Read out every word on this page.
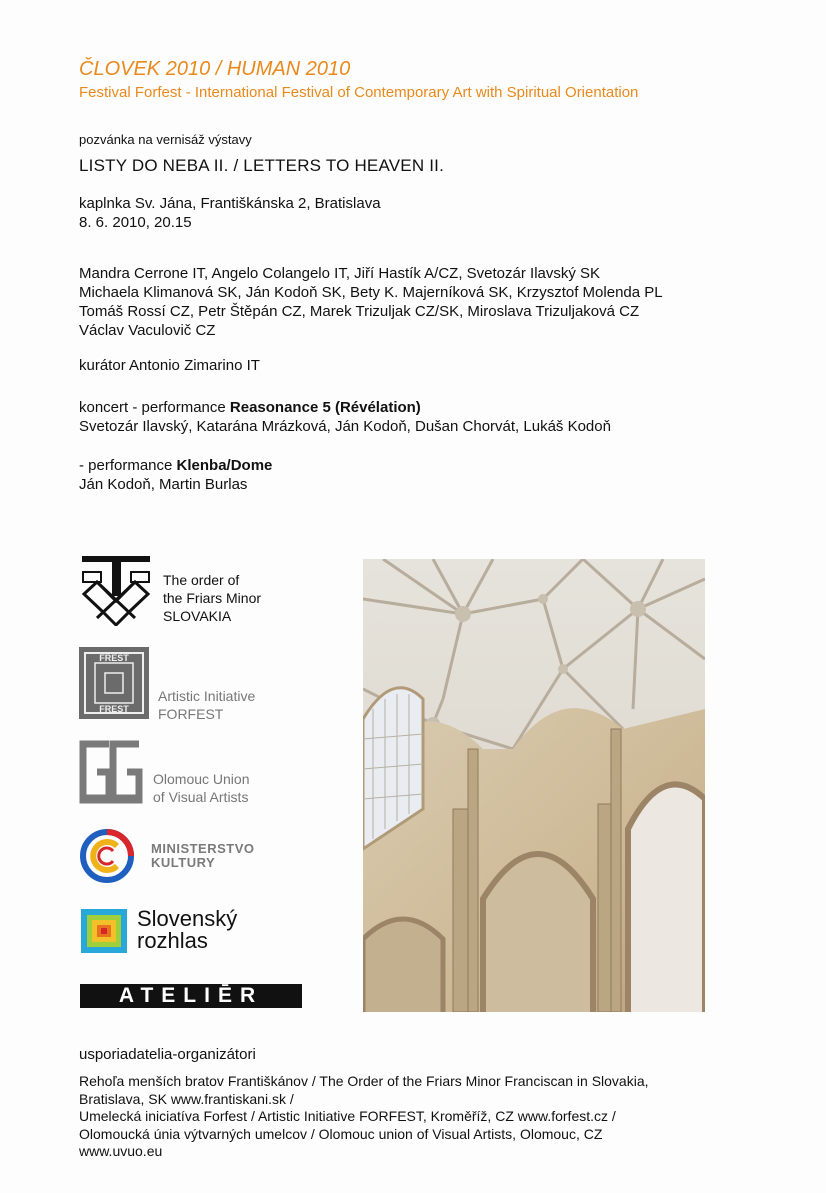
ČLOVEK 2010 / HUMAN 2010
Festival Forfest - International Festival of Contemporary Art with Spiritual Orientation
pozvánka na vernisáž výstavy
LISTY DO NEBA II. / LETTERS TO HEAVEN II.
kaplnka Sv. Jána, Františkánska 2, Bratislava
8. 6. 2010, 20.15
Mandra Cerrone IT, Angelo Colangelo IT, Jiří Hastík A/CZ, Svetozár Ilavský SK
Michaela Klimanová SK, Ján Kodoň SK, Bety K. Majerníková SK, Krzysztof Molenda PL
Tomáš Rossí CZ, Petr Štěpán CZ, Marek Trizuljak CZ/SK, Miroslava Trizuljaková CZ
Václav Vaculovič CZ
kurátor Antonio Zimarino IT
koncert - performance Reasonance 5 (Révélation)
Svetozár Ilavský, Katarána Mrázková, Ján Kodoň, Dušan Chorvát, Lukáš Kodoň
- performance Klenba/Dome
Ján Kodoň, Martin Burlas
The order of
the Friars Minor
SLOVAKIA
FREST
FREST
Artistic Initiative
FORFEST
Olomouc Union
of Visual Artists
MINISTERSTVO
KULTURY
Slovenský
rozhlas
ATELIĒR
usporiadatelia-organizátori
Rehoľa menších bratov Františkánov / The Order of the Friars Minor Franciscan in Slovakia,
Bratislava, SK www.frantiskani.sk /
Umelecká iniciatíva Forfest / Artistic Initiative FORFEST, Kroměříž, CZ www.forfest.cz /
Olomoucká únia výtvarných umelcov / Olomouc union of Visual Artists, Olomouc, CZ
www.uvuo.eu
